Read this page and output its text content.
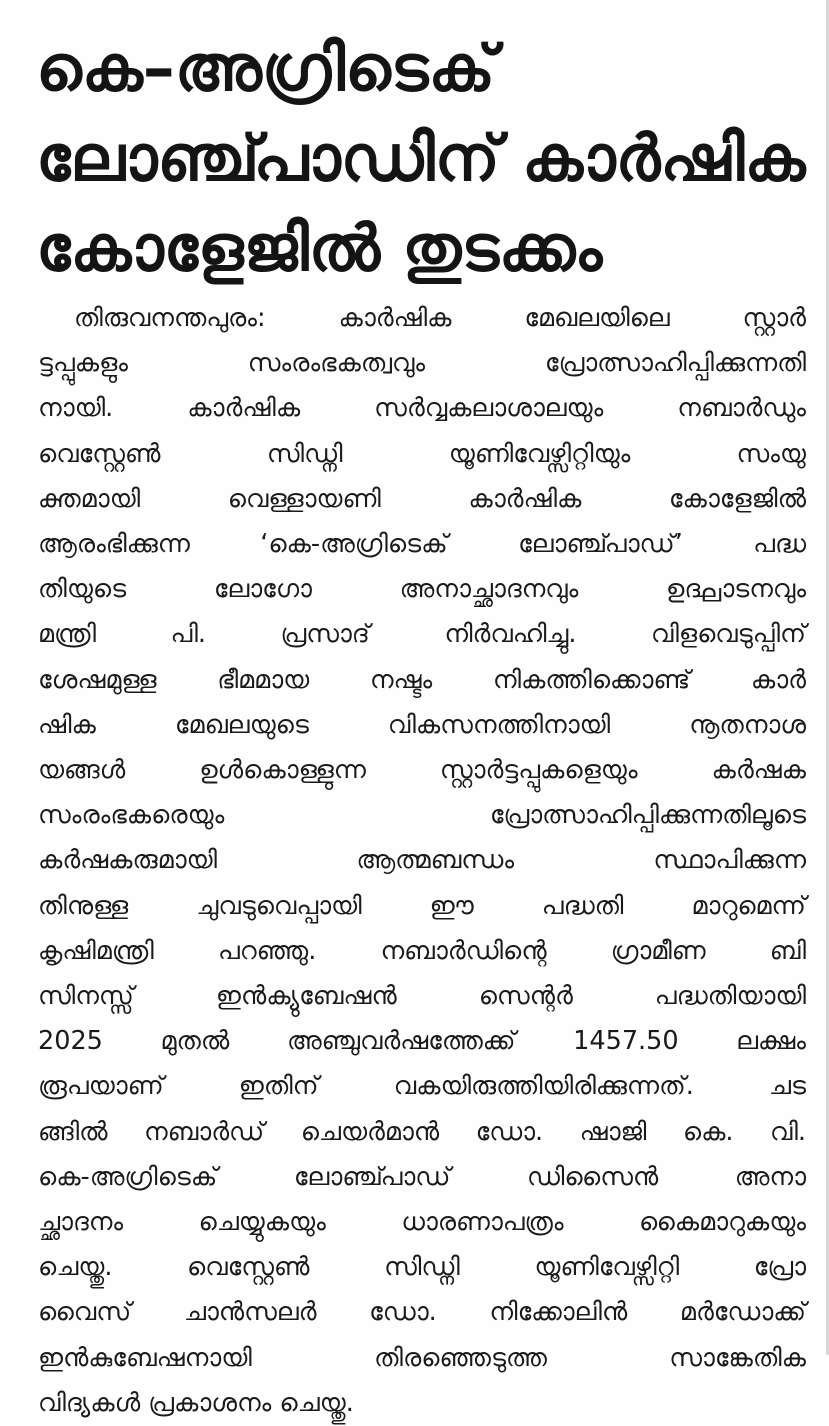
കെ–അഗ്രിടെക്
ലോഞ്ച്പാഡിന് കാർഷിക
കോളേജിൽ തുടക്കം
തിരുവനന്തപുരം: കാർഷിക മേഖലയിലെ സ്റ്റാർ
ട്ടപ്പുകളും സംരംഭകത്വവും പ്രോത്സാഹിപ്പിക്കുന്നതി
നായി. കാർഷിക സർവ്വകലാശാലയും നബാർഡും
വെസ്റ്റേൺ സിഡ്നി യൂണിവേഴ്സിറ്റിയും സംയു
ക്തമായി വെള്ളായണി കാർഷിക കോളേജിൽ
ആരംഭിക്കുന്ന ‘കെ-അഗ്രിടെക് ലോഞ്ച്പാഡ്’ പദ്ധ
തിയുടെ ലോഗോ അനാച്ഛാദനവും ഉദ്ഘാടനവും
മന്ത്രി പി. പ്രസാദ് നിർവഹിച്ചു. വിളവെടുപ്പിന്
ശേഷമുള്ള ഭീമമായ നഷ്ടം നികത്തിക്കൊണ്ട് കാർ
ഷിക മേഖലയുടെ വികസനത്തിനായി നൂതനാശ
യങ്ങൾ ഉൾകൊള്ളുന്ന സ്റ്റാർട്ടപ്പുകളെയും കർഷക
സംരംഭകരെയും പ്രോത്സാഹിപ്പിക്കുന്നതിലൂടെ
കർഷകരുമായി ആത്മബന്ധം സ്ഥാപിക്കുന്ന
തിനുള്ള ചുവടുവെപ്പായി ഈ പദ്ധതി മാറുമെന്ന്
കൃഷിമന്ത്രി പറഞ്ഞു. നബാർഡിന്റെ ഗ്രാമീണ ബി
സിനസ്സ് ഇൻക്യുബേഷൻ സെന്റർ പദ്ധതിയായി
2025 മുതൽ അഞ്ചുവർഷത്തേക്ക് 1457.50 ലക്ഷം
രൂപയാണ് ഇതിന് വകയിരുത്തിയിരിക്കുന്നത്. ചട
ങ്ങിൽ നബാർഡ് ചെയർമാൻ ഡോ. ഷാജി കെ. വി.
കെ-അഗ്രിടെക് ലോഞ്ച്പാഡ് ഡിസൈൻ അനാ
ച്ഛാദനം ചെയ്യുകയും ധാരണാപത്രം കൈമാറുകയും
ചെയ്തു. വെസ്റ്റേൺ സിഡ്നി യൂണിവേഴ്സിറ്റി പ്രോ
വൈസ് ചാൻസലർ ഡോ. നിക്കോലിൻ മർഡോക്ക്
ഇൻകുബേഷനായി തിരഞ്ഞെടുത്ത സാങ്കേതിക
വിദ്യകൾ പ്രകാശനം ചെയ്തു.
